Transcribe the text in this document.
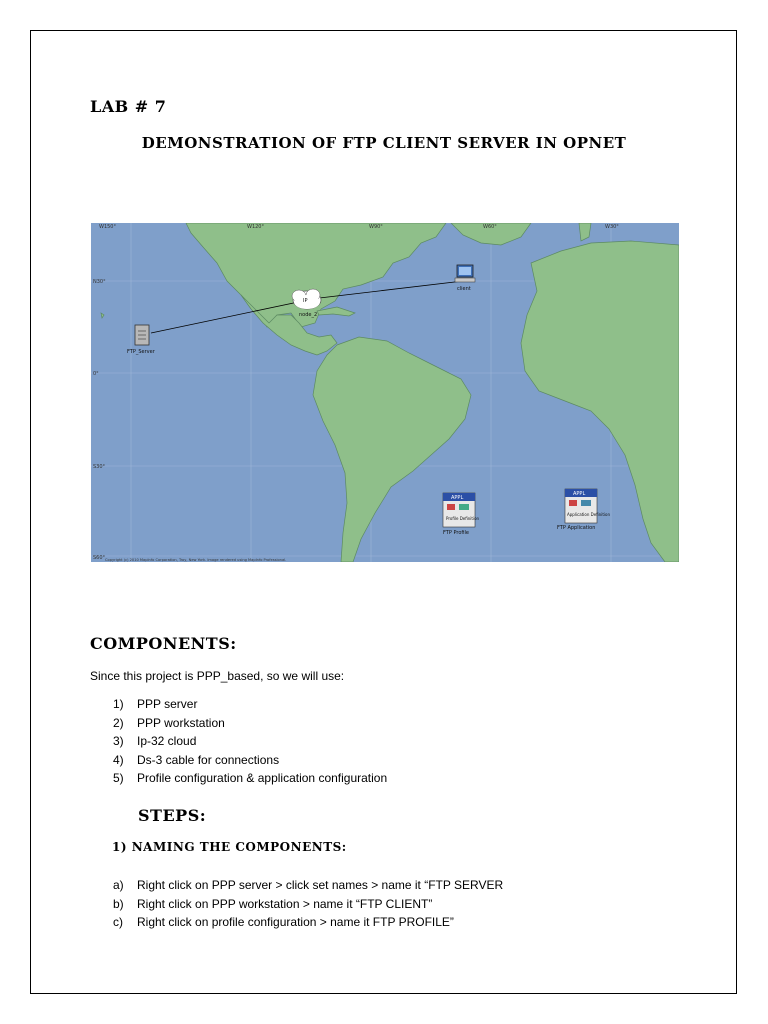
LAB # 7
DEMONSTRATION OF FTP CLIENT SERVER IN OPNET
W150°	W120°	W90°	W60°	W30°
N30°
0°
S30°
S60°
FTP_Server
IP
node_2
client
APPL
Profile Definition
FTP Profile
APPL
Application Definition
FTP Application
Copyright (c) 2010 MapInfo Corporation, Troy, New York. Image rendered using MapInfo Professional.
COMPONENTS:
Since this project is PPP_based, so we will use:
1) PPP server
2) PPP workstation
3) Ip-32 cloud
4) Ds-3 cable for connections
5) Profile configuration & application configuration
STEPS:
1) NAMING THE COMPONENTS:
a) Right click on PPP server > click set names > name it “FTP SERVER
b) Right click on PPP workstation > name it “FTP CLIENT”
c) Right click on profile configuration > name it FTP PROFILE”
